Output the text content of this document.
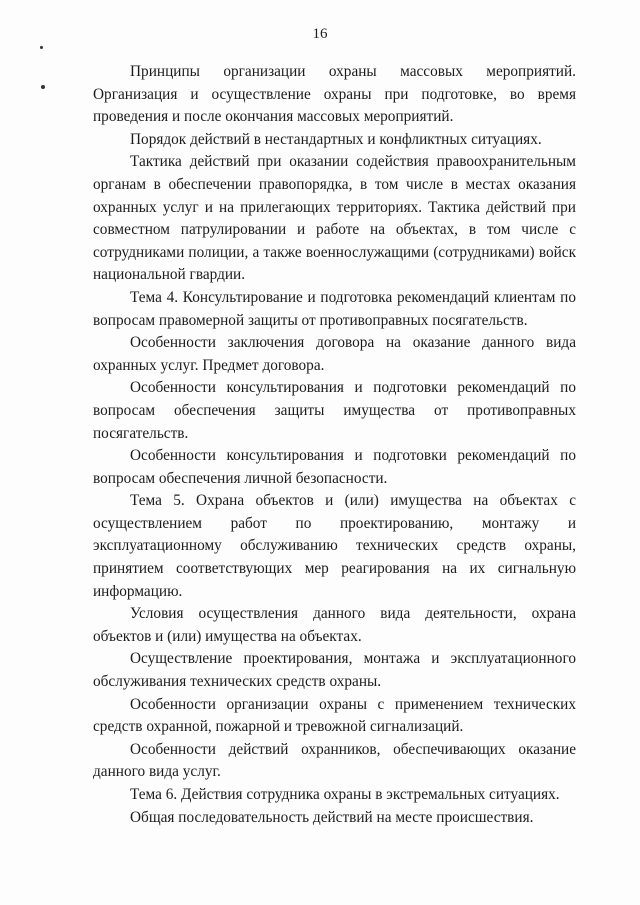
16

Принципы организации охраны массовых мероприятий. Организация и осуществление охраны при подготовке, во время проведения и после окончания массовых мероприятий.

Порядок действий в нестандартных и конфликтных ситуациях.

Тактика действий при оказании содействия правоохранительным органам в обеспечении правопорядка, в том числе в местах оказания охранных услуг и на прилегающих территориях. Тактика действий при совместном патрулировании и работе на объектах, в том числе с сотрудниками полиции, а также военнослужащими (сотрудниками) войск национальной гвардии.

Тема 4. Консультирование и подготовка рекомендаций клиентам по вопросам правомерной защиты от противоправных посягательств.

Особенности заключения договора на оказание данного вида охранных услуг. Предмет договора.

Особенности консультирования и подготовки рекомендаций по вопросам обеспечения защиты имущества от противоправных посягательств.

Особенности консультирования и подготовки рекомендаций по вопросам обеспечения личной безопасности.

Тема 5. Охрана объектов и (или) имущества на объектах с осуществлением работ по проектированию, монтажу и эксплуатационному обслуживанию технических средств охраны, принятием соответствующих мер реагирования на их сигнальную информацию.

Условия осуществления данного вида деятельности, охрана объектов и (или) имущества на объектах.

Осуществление проектирования, монтажа и эксплуатационного обслуживания технических средств охраны.

Особенности организации охраны с применением технических средств охранной, пожарной и тревожной сигнализаций.

Особенности действий охранников, обеспечивающих оказание данного вида услуг.

Тема 6. Действия сотрудника охраны в экстремальных ситуациях.

Общая последовательность действий на месте происшествия.
